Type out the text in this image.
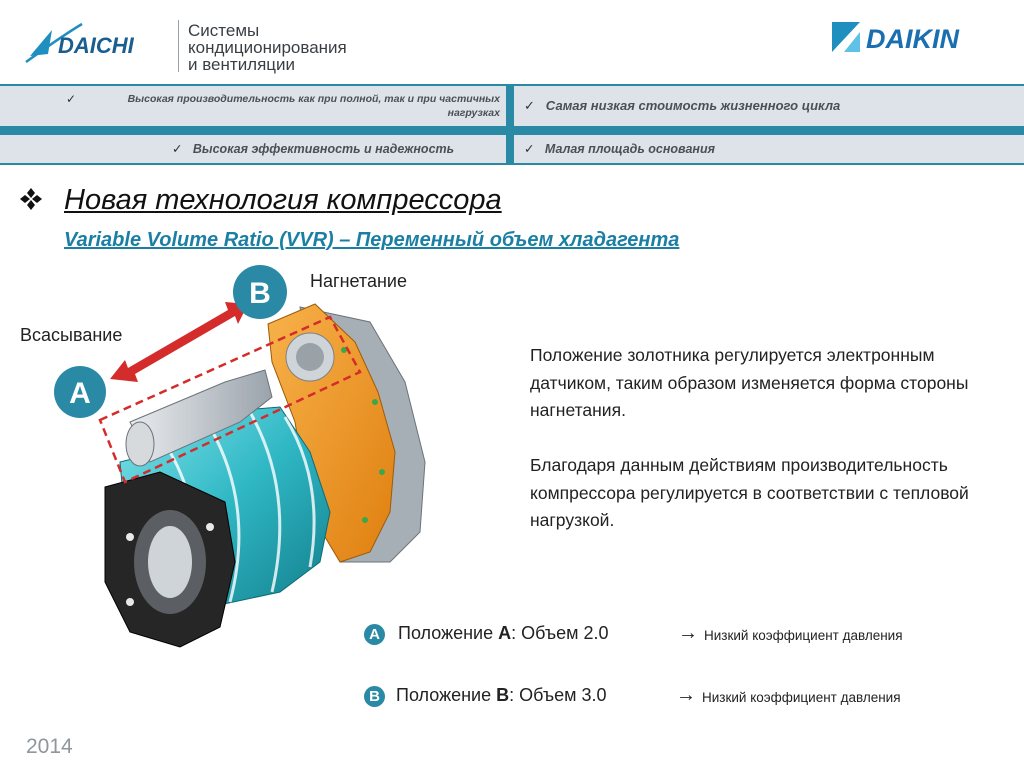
DAICHI
Системы
кондиционирования
и вентиляции
DAIKIN
✓	Высокая производительность как при полной, так и при частичных нагрузках ✓ Самая низкая стоимость жизненного цикла
✓ Высокая эффективность и надежность	✓ Малая площадь основания
Новая технология компрессора
Variable Volume Ratio (VVR) – Переменный объем хладагента
A
B
Всасывание
Нагнетание
Положение золотника регулируется электронным датчиком, таким образом изменяется форма стороны нагнетания.
Благодаря данным действиям производительность компрессора регулируется в соответствии с тепловой нагрузкой.
A Положение A: Объем 2.0	→ Низкий коэффициент давления
B Положение B: Объем 3.0	→ Низкий коэффициент давления
2014
